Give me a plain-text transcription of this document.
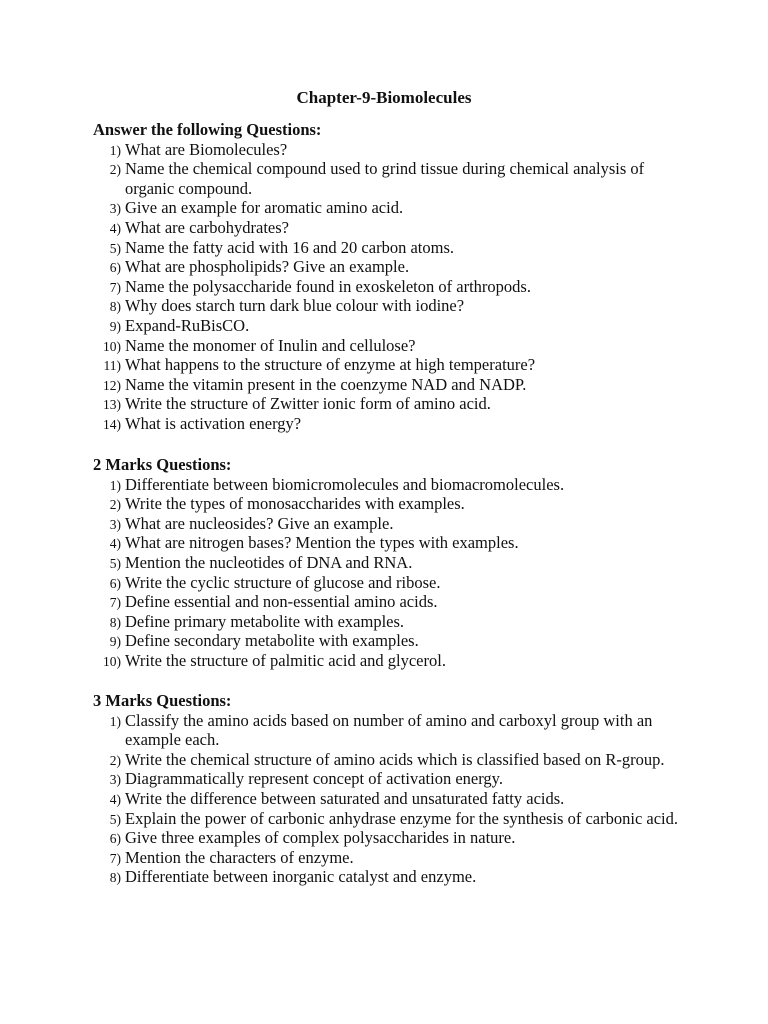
Chapter-9-Biomolecules
Answer the following Questions:
1) What are Biomolecules?
2) Name the chemical compound used to grind tissue during chemical analysis of organic compound.
3) Give an example for aromatic amino acid.
4) What are carbohydrates?
5) Name the fatty acid with 16 and 20 carbon atoms.
6) What are phospholipids? Give an example.
7) Name the polysaccharide found in exoskeleton of arthropods.
8) Why does starch turn dark blue colour with iodine?
9) Expand-RuBisCO.
10) Name the monomer of Inulin and cellulose?
11) What happens to the structure of enzyme at high temperature?
12) Name the vitamin present in the coenzyme NAD and NADP.
13) Write the structure of Zwitter ionic form of amino acid.
14) What is activation energy?
2 Marks Questions:
1) Differentiate between biomicromolecules and biomacromolecules.
2) Write the types of monosaccharides with examples.
3) What are nucleosides? Give an example.
4) What are nitrogen bases? Mention the types with examples.
5) Mention the nucleotides of DNA and RNA.
6) Write the cyclic structure of glucose and ribose.
7) Define essential and non-essential amino acids.
8) Define primary metabolite with examples.
9) Define secondary metabolite with examples.
10) Write the structure of palmitic acid and glycerol.
3 Marks Questions:
1) Classify the amino acids based on number of amino and carboxyl group with an example each.
2) Write the chemical structure of amino acids which is classified based on R-group.
3) Diagrammatically represent concept of activation energy.
4) Write the difference between saturated and unsaturated fatty acids.
5) Explain the power of carbonic anhydrase enzyme for the synthesis of carbonic acid.
6) Give three examples of complex polysaccharides in nature.
7) Mention the characters of enzyme.
8) Differentiate between inorganic catalyst and enzyme.
